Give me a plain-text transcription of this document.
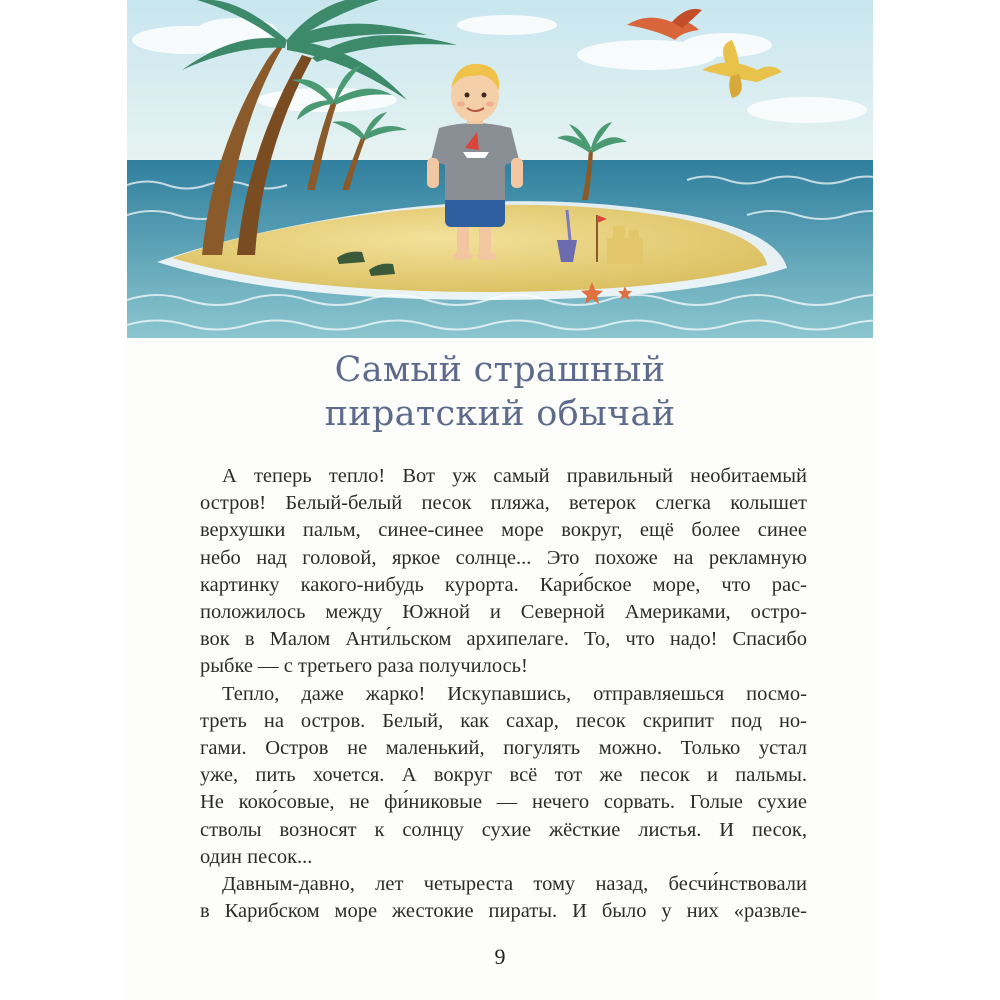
Самый страшный
пиратский обычай
А теперь тепло! Вот уж самый правильный необитаемый
остров! Белый-белый песок пляжа, ветерок слегка колышет
верхушки пальм, синее-синее море вокруг, ещё более синее
небо над головой, яркое солнце... Это похоже на рекламную
картинку какого-нибудь курорта. Кари́бское море, что рас-
положилось между Южной и Северной Америками, остро-
вок в Малом Анти́льском архипелаге. То, что надо! Спасибо
рыбке — с третьего раза получилось!
Тепло, даже жарко! Искупавшись, отправляешься посмо-
треть на остров. Белый, как сахар, песок скрипит под но-
гами. Остров не маленький, погулять можно. Только устал
уже, пить хочется. А вокруг всё тот же песок и пальмы.
Не коко́совые, не фи́никовые — нечего сорвать. Голые сухие
стволы возносят к солнцу сухие жёсткие листья. И песок,
один песок...
Давным-давно, лет четыреста тому назад, бесчи́нствовали
в Карибском море жестокие пираты. И было у них «развле-
9
